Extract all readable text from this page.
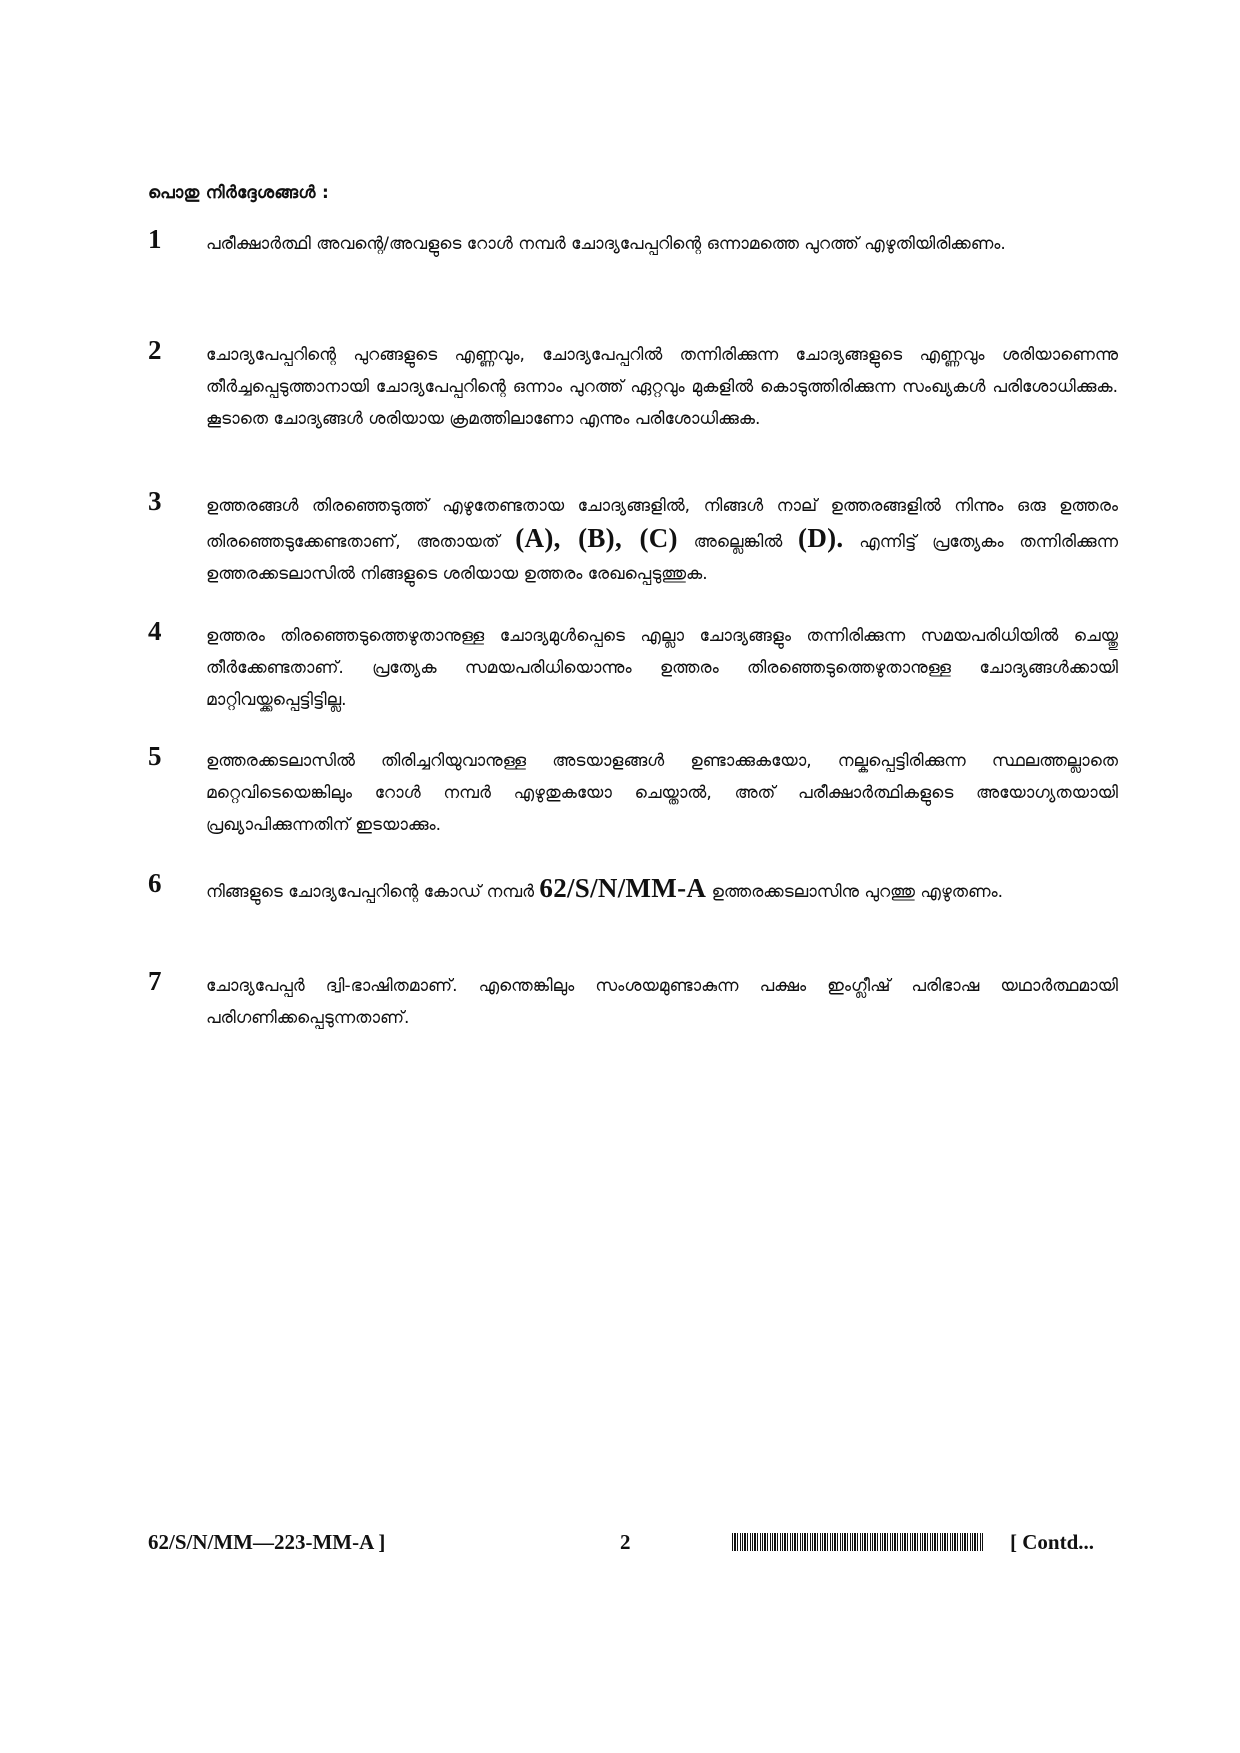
പൊതു നിർദ്ദേശങ്ങൾ :
1	പരീക്ഷാർത്ഥി അവന്റെ/അവളുടെ റോൾ നമ്പർ ചോദ്യപേപ്പറിന്റെ ഒന്നാമത്തെ പുറത്ത് എഴുതിയിരിക്കണം.
2	ചോദ്യപേപ്പറിന്റെ പുറങ്ങളുടെ എണ്ണവും, ചോദ്യപേപ്പറിൽ തന്നിരിക്കുന്ന ചോദ്യങ്ങളുടെ എണ്ണവും ശരിയാണെന്നു തീർച്ചപ്പെടുത്താനായി ചോദ്യപേപ്പറിന്റെ ഒന്നാം പുറത്ത് ഏറ്റവും മുകളിൽ കൊടുത്തിരിക്കുന്ന സംഖ്യകൾ പരിശോധിക്കുക. കൂടാതെ ചോദ്യങ്ങൾ ശരിയായ ക്രമത്തിലാണോ എന്നും പരിശോധിക്കുക.
3	ഉത്തരങ്ങൾ തിരഞ്ഞെടുത്ത് എഴുതേണ്ടതായ ചോദ്യങ്ങളിൽ, നിങ്ങൾ നാല് ഉത്തരങ്ങളിൽ നിന്നും ഒരു ഉത്തരം തിരഞ്ഞെടുക്കേണ്ടതാണ്, അതായത് (A), (B), (C) അല്ലെങ്കിൽ (D). എന്നിട്ട് പ്രത്യേകം തന്നിരിക്കുന്ന ഉത്തരക്കടലാസിൽ നിങ്ങളുടെ ശരിയായ ഉത്തരം രേഖപ്പെടുത്തുക.
4	ഉത്തരം തിരഞ്ഞെടുത്തെഴുതാനുള്ള ചോദ്യമുൾപ്പെടെ എല്ലാ ചോദ്യങ്ങളും തന്നിരിക്കുന്ന സമയപരിധിയിൽ ചെയ്തു തീർക്കേണ്ടതാണ്. പ്രത്യേക സമയപരിധിയൊന്നും ഉത്തരം തിരഞ്ഞെടുത്തെഴുതാനുള്ള ചോദ്യങ്ങൾക്കായി മാറ്റിവയ്ക്കപ്പെട്ടിട്ടില്ല.
5	ഉത്തരക്കടലാസിൽ തിരിച്ചറിയുവാനുള്ള അടയാളങ്ങൾ ഉണ്ടാക്കുകയോ, നല്കപ്പെട്ടിരിക്കുന്ന സ്ഥലത്തല്ലാതെ മറ്റെവിടെയെങ്കിലും റോൾ നമ്പർ എഴുതുകയോ ചെയ്താൽ, അത് പരീക്ഷാർത്ഥികളുടെ അയോഗ്യതയായി പ്രഖ്യാപിക്കുന്നതിന് ഇടയാക്കും.
6	നിങ്ങളുടെ ചോദ്യപേപ്പറിന്റെ കോഡ് നമ്പർ 62/S/N/MM-A ഉത്തരക്കടലാസിനു പുറത്തു എഴുതണം.
7	ചോദ്യപേപ്പർ ദ്വി-ഭാഷിതമാണ്. എന്തെങ്കിലും സംശയമുണ്ടാകുന്ന പക്ഷം ഇംഗ്ലീഷ് പരിഭാഷ യഥാർത്ഥമായി പരിഗണിക്കപ്പെടുന്നതാണ്.
62/S/N/MM—223-MM-A ]	2	[ Contd...
